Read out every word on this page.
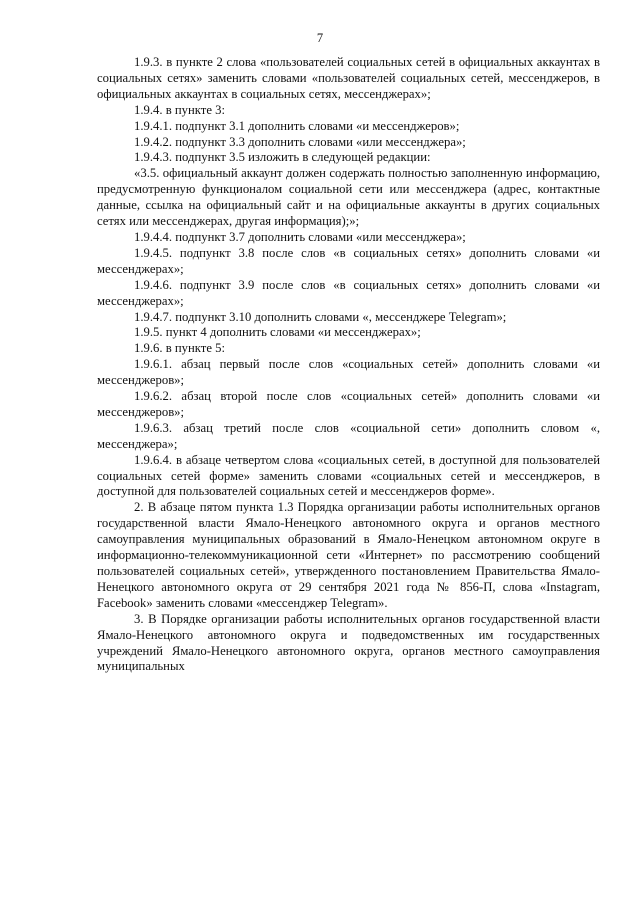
7

1.9.3. в пункте 2 слова «пользователей социальных сетей в официальных аккаунтах в социальных сетях» заменить словами «пользователей социальных сетей, мессенджеров, в официальных аккаунтах в социальных сетях, мессенджерах»;

1.9.4. в пункте 3:

1.9.4.1. подпункт 3.1 дополнить словами «и мессенджеров»;

1.9.4.2. подпункт 3.3 дополнить словами «или мессенджера»;

1.9.4.3. подпункт 3.5 изложить в следующей редакции:

«3.5. официальный аккаунт должен содержать полностью заполненную информацию, предусмотренную функционалом социальной сети или мессенджера (адрес, контактные данные, ссылка на официальный сайт и на официальные аккаунты в других социальных сетях или мессенджерах, другая информация);»;

1.9.4.4. подпункт 3.7 дополнить словами «или мессенджера»;

1.9.4.5. подпункт 3.8 после слов «в социальных сетях» дополнить словами «и мессенджерах»;

1.9.4.6. подпункт 3.9 после слов «в социальных сетях» дополнить словами «и мессенджерах»;

1.9.4.7. подпункт 3.10 дополнить словами «, мессенджере Telegram»;

1.9.5. пункт 4 дополнить словами «и мессенджерах»;

1.9.6. в пункте 5:

1.9.6.1. абзац первый после слов «социальных сетей» дополнить словами «и мессенджеров»;

1.9.6.2. абзац второй после слов «социальных сетей» дополнить словами «и мессенджеров»;

1.9.6.3. абзац третий после слов «социальной сети» дополнить словом «, мессенджера»;

1.9.6.4. в абзаце четвертом слова «социальных сетей, в доступной для пользователей социальных сетей форме» заменить словами «социальных сетей и мессенджеров, в доступной для пользователей социальных сетей и мессенджеров форме».

2. В абзаце пятом пункта 1.3 Порядка организации работы исполнительных органов государственной власти Ямало-Ненецкого автономного округа и органов местного самоуправления муниципальных образований в Ямало-Ненецком автономном округе в информационно-телекоммуникационной сети «Интернет» по рассмотрению сообщений пользователей социальных сетей», утвержденного постановлением Правительства Ямало-Ненецкого автономного округа от 29 сентября 2021 года № 856-П, слова «Instagram, Facebook» заменить словами «мессенджер Telegram».

3. В Порядке организации работы исполнительных органов государственной власти Ямало-Ненецкого автономного округа и подведомственных им государственных учреждений Ямало-Ненецкого автономного округа, органов местного самоуправления муниципальных
